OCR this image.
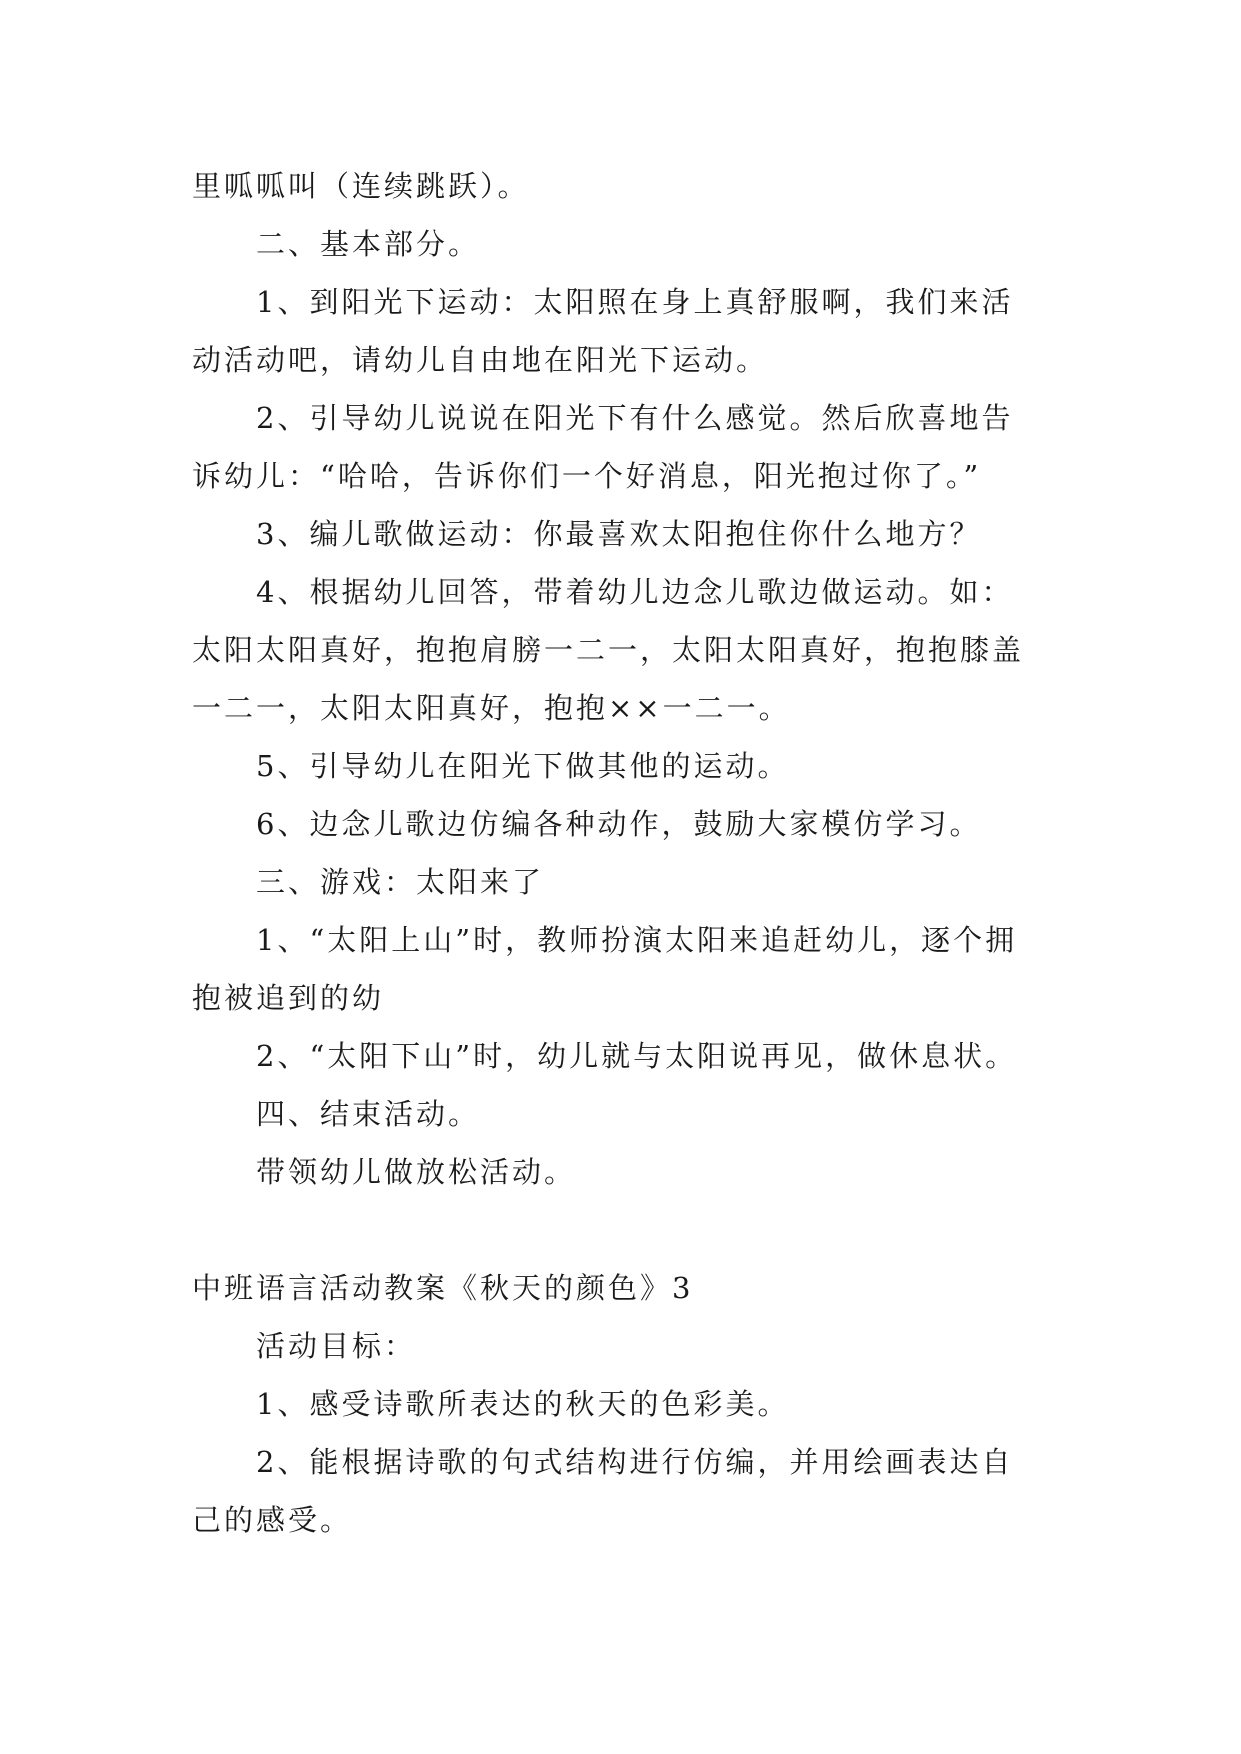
里呱呱叫（连续跳跃）。
二、基本部分。
1、到阳光下运动：太阳照在身上真舒服啊，我们来活
动活动吧，请幼儿自由地在阳光下运动。
2、引导幼儿说说在阳光下有什么感觉。然后欣喜地告
诉幼儿：“哈哈，告诉你们一个好消息，阳光抱过你了。”
3、编儿歌做运动：你最喜欢太阳抱住你什么地方？
4、根据幼儿回答，带着幼儿边念儿歌边做运动。如：
太阳太阳真好，抱抱肩膀一二一，太阳太阳真好，抱抱膝盖
一二一，太阳太阳真好，抱抱××一二一。
5、引导幼儿在阳光下做其他的运动。
6、边念儿歌边仿编各种动作，鼓励大家模仿学习。
三、游戏：太阳来了
1、“太阳上山”时，教师扮演太阳来追赶幼儿，逐个拥
抱被追到的幼
2、“太阳下山”时，幼儿就与太阳说再见，做休息状。
四、结束活动。
带领幼儿做放松活动。
中班语言活动教案《秋天的颜色》3
活动目标：
1、感受诗歌所表达的秋天的色彩美。
2、能根据诗歌的句式结构进行仿编，并用绘画表达自
己的感受。
